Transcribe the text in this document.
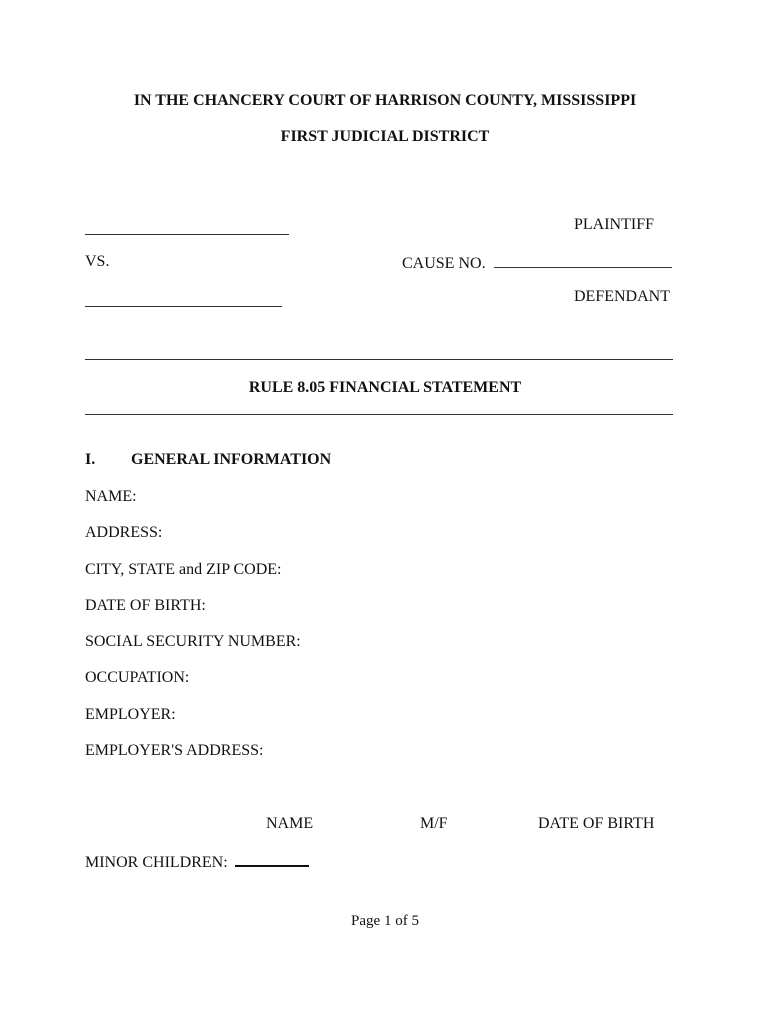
IN THE CHANCERY COURT OF HARRISON COUNTY, MISSISSIPPI
FIRST JUDICIAL DISTRICT
PLAINTIFF
VS.	CAUSE NO.
DEFENDANT
RULE 8.05 FINANCIAL STATEMENT
I. GENERAL INFORMATION
NAME:
ADDRESS:
CITY, STATE and ZIP CODE:
DATE OF BIRTH:
SOCIAL SECURITY NUMBER:
OCCUPATION:
EMPLOYER:
EMPLOYER'S ADDRESS:
NAME	M/F	DATE OF BIRTH
MINOR CHILDREN:
Page 1 of 5
